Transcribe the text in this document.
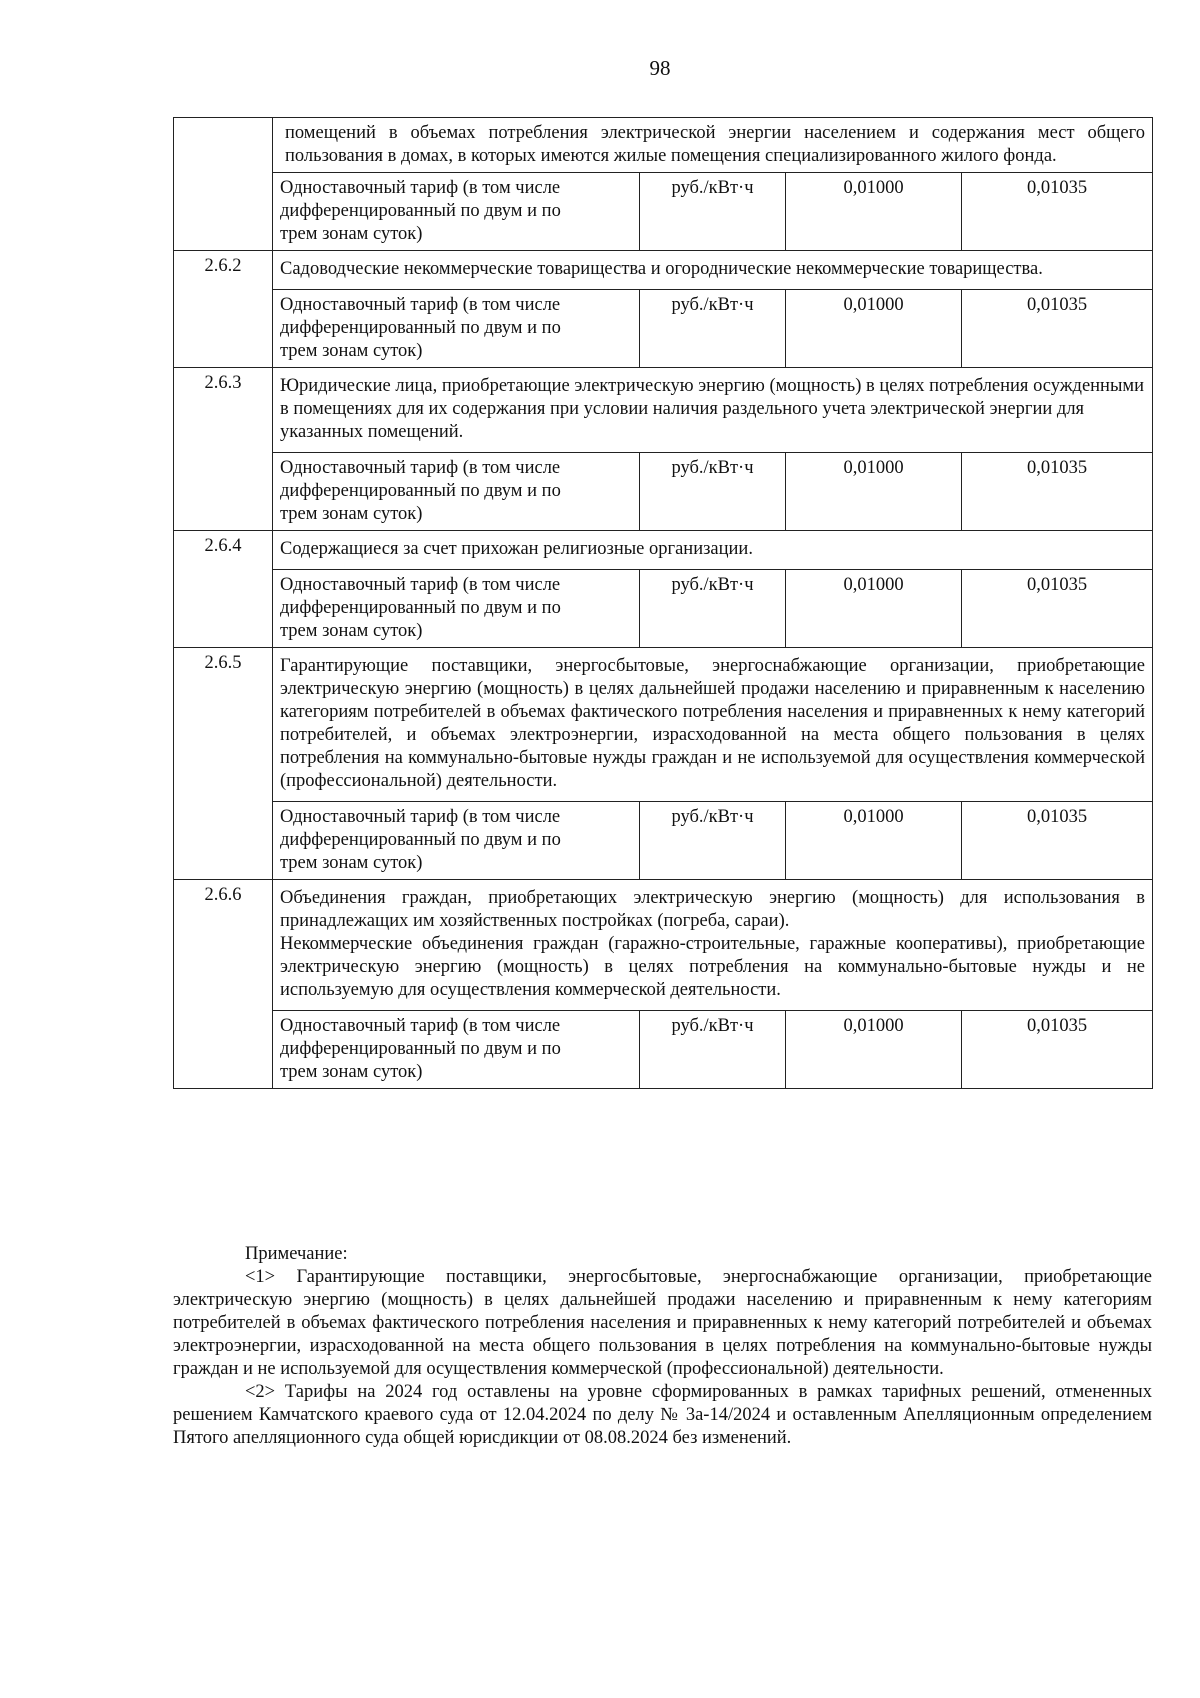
98
	помещений в объемах потребления электрической энергии населением и содержания мест общего пользования в домах, в которых имеются жилые помещения специализированного жилого фонда.			

	Одноставочный тариф (в том числе
дифференцированный по двум и по
трем зонам суток)	руб./кВт·ч	0,01000	0,01035
2.6.2	Садоводческие некоммерческие товарищества и огороднические некоммерческие товарищества.			

	Одноставочный тариф (в том числе
дифференцированный по двум и по
трем зонам суток)	руб./кВт·ч	0,01000	0,01035
2.6.3	Юридические лица, приобретающие электрическую энергию (мощность) в целях потребления осужденными в помещениях для их содержания при условии наличия раздельного учета электрической энергии для указанных помещений.			

	Одноставочный тариф (в том числе
дифференцированный по двум и по
трем зонам суток)	руб./кВт·ч	0,01000	0,01035
2.6.4	Содержащиеся за счет прихожан религиозные организации.			

	Одноставочный тариф (в том числе
дифференцированный по двум и по
трем зонам суток)	руб./кВт·ч	0,01000	0,01035
2.6.5	Гарантирующие поставщики, энергосбытовые, энергоснабжающие организации, приобретающие электрическую энергию (мощность) в целях дальнейшей продажи населению и приравненным к населению категориям потребителей в объемах фактического потребления населения и приравненных к нему категорий потребителей, и объемах электроэнергии, израсходованной на места общего пользования в целях потребления на коммунально-бытовые нужды граждан и не используемой для осуществления коммерческой (профессиональной) деятельности.			

	Одноставочный тариф (в том числе
дифференцированный по двум и по
трем зонам суток)	руб./кВт·ч	0,01000	0,01035
2.6.6	Объединения граждан, приобретающих электрическую энергию (мощность) для использования в принадлежащих им хозяйственных постройках (погреба, сараи).
Некоммерческие объединения граждан (гаражно-строительные, гаражные кооперативы), приобретающие электрическую энергию (мощность) в целях потребления на коммунально-бытовые нужды и не используемую для осуществления коммерческой деятельности.			

	Одноставочный тариф (в том числе
дифференцированный по двум и по
трем зонам суток)	руб./кВт·ч	0,01000	0,01035

Примечание:

<1> Гарантирующие поставщики, энергосбытовые, энергоснабжающие организации, приобретающие электрическую энергию (мощность) в целях дальнейшей продажи населению и приравненным к нему категориям потребителей в объемах фактического потребления населения и приравненных к нему категорий потребителей и объемах электроэнергии, израсходованной на места общего пользования в целях потребления на коммунально-бытовые нужды граждан и не используемой для осуществления коммерческой (профессиональной) деятельности.

<2> Тарифы на 2024 год оставлены на уровне сформированных в рамках тарифных решений, отмененных решением Камчатского краевого суда от 12.04.2024 по делу № 3а-14/2024 и оставленным Апелляционным определением Пятого апелляционного суда общей юрисдикции от 08.08.2024 без изменений.
